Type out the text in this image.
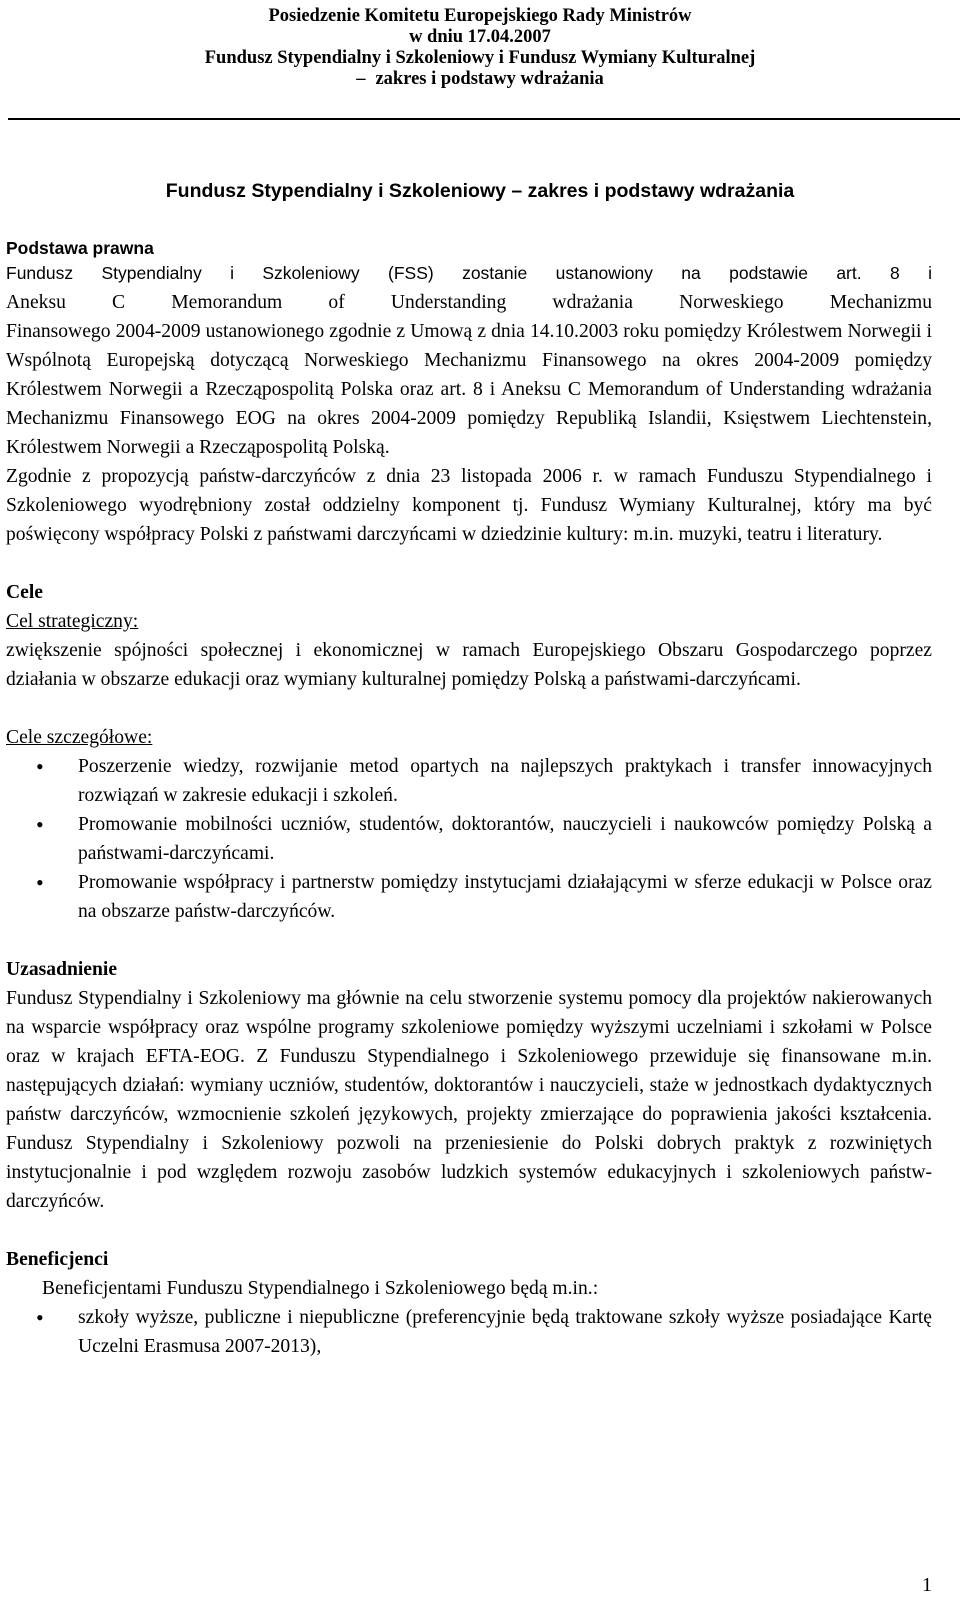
Posiedzenie Komitetu Europejskiego Rady Ministrów
w dniu 17.04.2007
Fundusz Stypendialny i Szkoleniowy i Fundusz Wymiany Kulturalnej
– zakres i podstawy wdrażania
Fundusz Stypendialny i Szkoleniowy – zakres i podstawy wdrażania
Podstawa prawna

Fundusz Stypendialny i Szkoleniowy (FSS) zostanie ustanowiony na podstawie art. 8 i

Aneksu C Memorandum of Understanding wdrażania Norweskiego Mechanizmu

Finansowego 2004-2009 ustanowionego zgodnie z Umową z dnia 14.10.2003 roku pomiędzy Królestwem Norwegii i Wspólnotą Europejską dotyczącą Norweskiego Mechanizmu Finansowego na okres 2004-2009 pomiędzy Królestwem Norwegii a Rzecząpospolitą Polska oraz art. 8 i Aneksu C Memorandum of Understanding wdrażania Mechanizmu Finansowego EOG na okres 2004-2009 pomiędzy Republiką Islandii, Księstwem Liechtenstein, Królestwem Norwegii a Rzecząpospolitą Polską.

Zgodnie z propozycją państw-darczyńców z dnia 23 listopada 2006 r. w ramach Funduszu Stypendialnego i Szkoleniowego wyodrębniony został oddzielny komponent tj. Fundusz Wymiany Kulturalnej, który ma być poświęcony współpracy Polski z państwami darczyńcami w dziedzinie kultury: m.in. muzyki, teatru i literatury.

Cele
Cel strategiczny:

zwiększenie spójności społecznej i ekonomicznej w ramach Europejskiego Obszaru Gospodarczego poprzez działania w obszarze edukacji oraz wymiany kulturalnej pomiędzy Polską a państwami-darczyńcami.

Cele szczegółowe:
• Poszerzenie wiedzy, rozwijanie metod opartych na najlepszych praktykach i transfer innowacyjnych rozwiązań w zakresie edukacji i szkoleń.
• Promowanie mobilności uczniów, studentów, doktorantów, nauczycieli i naukowców pomiędzy Polską a państwami-darczyńcami.
• Promowanie współpracy i partnerstw pomiędzy instytucjami działającymi w sferze edukacji w Polsce oraz na obszarze państw-darczyńców.
Uzasadnienie

Fundusz Stypendialny i Szkoleniowy ma głównie na celu stworzenie systemu pomocy dla projektów nakierowanych na wsparcie współpracy oraz wspólne programy szkoleniowe pomiędzy wyższymi uczelniami i szkołami w Polsce oraz w krajach EFTA-EOG. Z Funduszu Stypendialnego i Szkoleniowego przewiduje się finansowane m.in. następujących działań: wymiany uczniów, studentów, doktorantów i nauczycieli, staże w jednostkach dydaktycznych państw darczyńców, wzmocnienie szkoleń językowych, projekty zmierzające do poprawienia jakości kształcenia. Fundusz Stypendialny i Szkoleniowy pozwoli na przeniesienie do Polski dobrych praktyk z rozwiniętych instytucjonalnie i pod względem rozwoju zasobów ludzkich systemów edukacyjnych i szkoleniowych państw-darczyńców.

Beneficjenci
Beneficjentami Funduszu Stypendialnego i Szkoleniowego będą m.in.:
• szkoły wyższe, publiczne i niepubliczne (preferencyjnie będą traktowane szkoły wyższe posiadające Kartę Uczelni Erasmusa 2007-2013),
1
